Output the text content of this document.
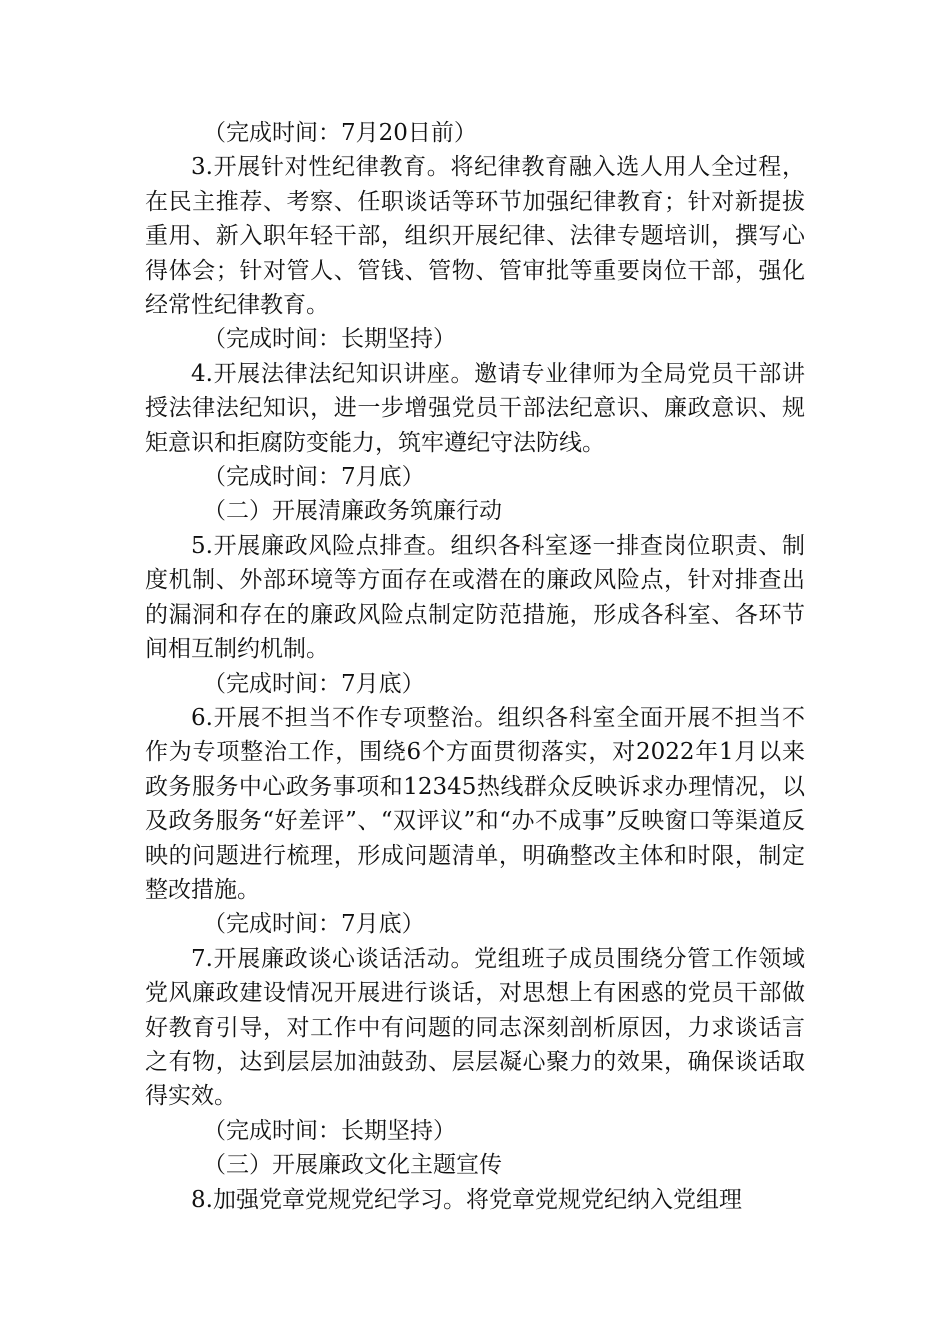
（完成时间：7月20日前）

3.开展针对性纪律教育。将纪律教育融入选人用人全过程，在民主推荐、考察、任职谈话等环节加强纪律教育；针对新提拔重用、新入职年轻干部，组织开展纪律、法律专题培训，撰写心得体会；针对管人、管钱、管物、管审批等重要岗位干部，强化经常性纪律教育。

（完成时间：长期坚持）

4.开展法律法纪知识讲座。邀请专业律师为全局党员干部讲授法律法纪知识，进一步增强党员干部法纪意识、廉政意识、规矩意识和拒腐防变能力，筑牢遵纪守法防线。

（完成时间：7月底）

（二）开展清廉政务筑廉行动

5.开展廉政风险点排查。组织各科室逐一排查岗位职责、制度机制、外部环境等方面存在或潜在的廉政风险点，针对排查出的漏洞和存在的廉政风险点制定防范措施，形成各科室、各环节间相互制约机制。

（完成时间：7月底）

6.开展不担当不作专项整治。组织各科室全面开展不担当不作为专项整治工作，围绕6个方面贯彻落实，对2022年1月以来政务服务中心政务事项和12345热线群众反映诉求办理情况，以及政务服务“好差评”、“双评议”和“办不成事”反映窗口等渠道反映的问题进行梳理，形成问题清单，明确整改主体和时限，制定整改措施。

（完成时间：7月底）

7.开展廉政谈心谈话活动。党组班子成员围绕分管工作领域党风廉政建设情况开展进行谈话，对思想上有困惑的党员干部做好教育引导，对工作中有问题的同志深刻剖析原因，力求谈话言之有物，达到层层加油鼓劲、层层凝心聚力的效果，确保谈话取得实效。

（完成时间：长期坚持）

（三）开展廉政文化主题宣传

8.加强党章党规党纪学习。将党章党规党纪纳入党组理
